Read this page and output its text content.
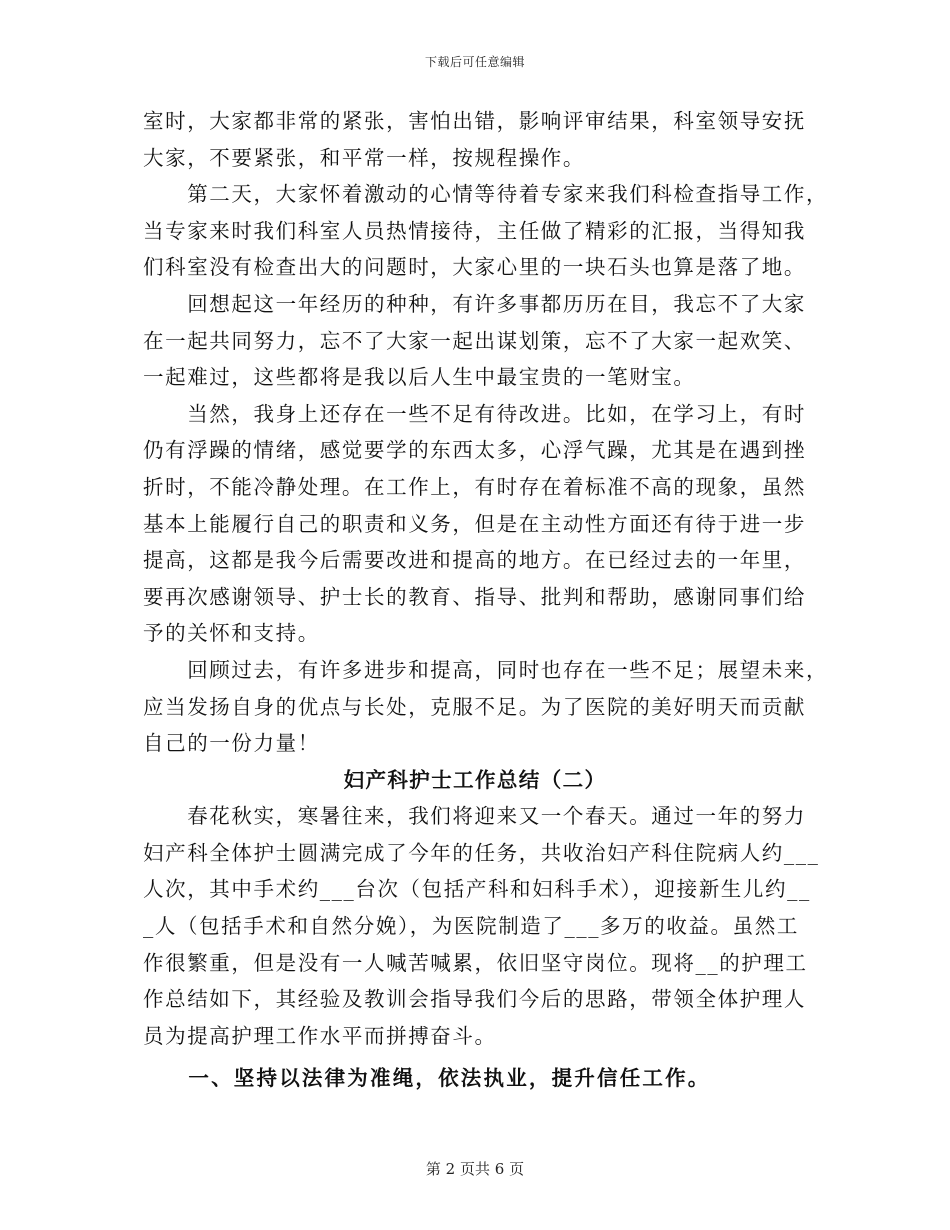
下载后可任意编辑
室时，大家都非常的紧张，害怕出错，影响评审结果，科室领导安抚
大家，不要紧张，和平常一样，按规程操作。
　　第二天，大家怀着激动的心情等待着专家来我们科检查指导工作，
当专家来时我们科室人员热情接待，主任做了精彩的汇报，当得知我
们科室没有检查出大的问题时，大家心里的一块石头也算是落了地。
　　回想起这一年经历的种种，有许多事都历历在目，我忘不了大家
在一起共同努力，忘不了大家一起出谋划策，忘不了大家一起欢笑、
一起难过，这些都将是我以后人生中最宝贵的一笔财宝。
　　当然，我身上还存在一些不足有待改进。比如，在学习上，有时
仍有浮躁的情绪，感觉要学的东西太多，心浮气躁，尤其是在遇到挫
折时，不能冷静处理。在工作上，有时存在着标准不高的现象，虽然
基本上能履行自己的职责和义务，但是在主动性方面还有待于进一步
提高，这都是我今后需要改进和提高的地方。在已经过去的一年里，
要再次感谢领导、护士长的教育、指导、批判和帮助，感谢同事们给
予的关怀和支持。
　　回顾过去，有许多进步和提高，同时也存在一些不足；展望未来，
应当发扬自身的优点与长处，克服不足。为了医院的美好明天而贡献
自己的一份力量！
妇产科护士工作总结（二）
　　春花秋实，寒暑往来，我们将迎来又一个春天。通过一年的努力
妇产科全体护士圆满完成了今年的任务，共收治妇产科住院病人约___
人次，其中手术约___台次（包括产科和妇科手术），迎接新生儿约__
_人（包括手术和自然分娩），为医院制造了___多万的收益。虽然工
作很繁重，但是没有一人喊苦喊累，依旧坚守岗位。现将__的护理工
作总结如下，其经验及教训会指导我们今后的思路，带领全体护理人
员为提高护理工作水平而拼搏奋斗。
　　一、坚持以法律为准绳，依法执业，提升信任工作。
第 2 页共 6 页
